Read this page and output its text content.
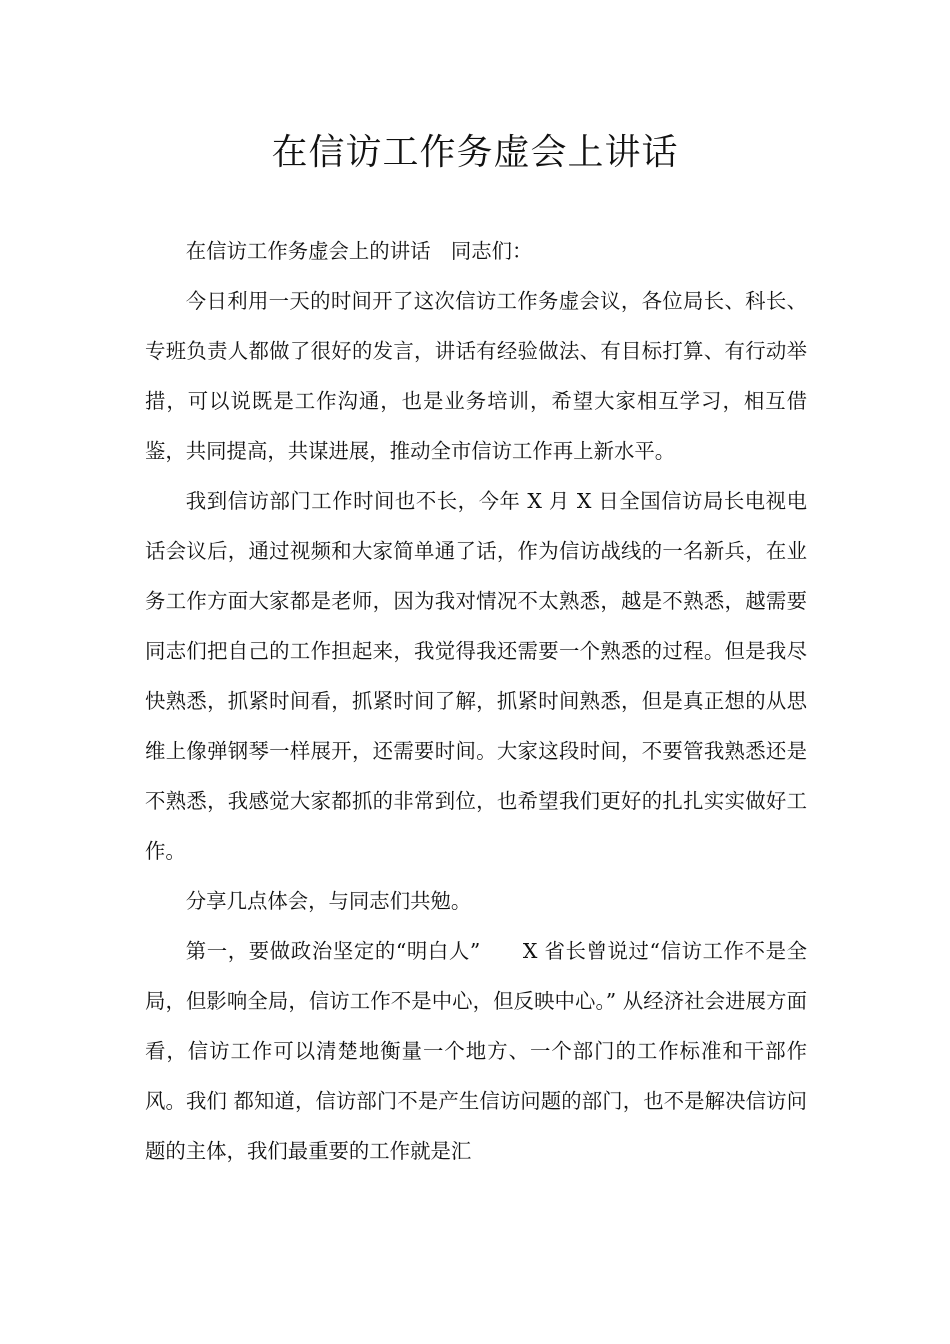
在信访工作务虚会上讲话

在信访工作务虚会上的讲话　同志们：

今日利用一天的时间开了这次信访工作务虚会议，各位局长、科长、专班负责人都做了很好的发言，讲话有经验做法、有目标打算、有行动举措，可以说既是工作沟通，也是业务培训，希望大家相互学习，相互借鉴，共同提高，共谋进展，推动全市信访工作再上新水平。

我到信访部门工作时间也不长，今年 X 月 X 日全国信访局长电视电话会议后，通过视频和大家简单通了话，作为信访战线的一名新兵，在业务工作方面大家都是老师，因为我对情况不太熟悉，越是不熟悉，越需要同志们把自己的工作担起来，我觉得我还需要一个熟悉的过程。但是我尽快熟悉，抓紧时间看，抓紧时间了解，抓紧时间熟悉，但是真正想的从思维上像弹钢琴一样展开，还需要时间。大家这段时间，不要管我熟悉还是不熟悉，我感觉大家都抓的非常到位，也希望我们更好的扎扎实实做好工作。

分享几点体会，与同志们共勉。

第一，要做政治坚定的“明白人”　　X 省长曾说过“信访工作不是全局，但影响全局，信访工作不是中心，但反映中心。” 从经济社会进展方面看，信访工作可以清楚地衡量一个地方、一个部门的工作标准和干部作风。我们 都知道，信访部门不是产生信访问题的部门，也不是解决信访问 题的主体，我们最重要的工作就是汇
